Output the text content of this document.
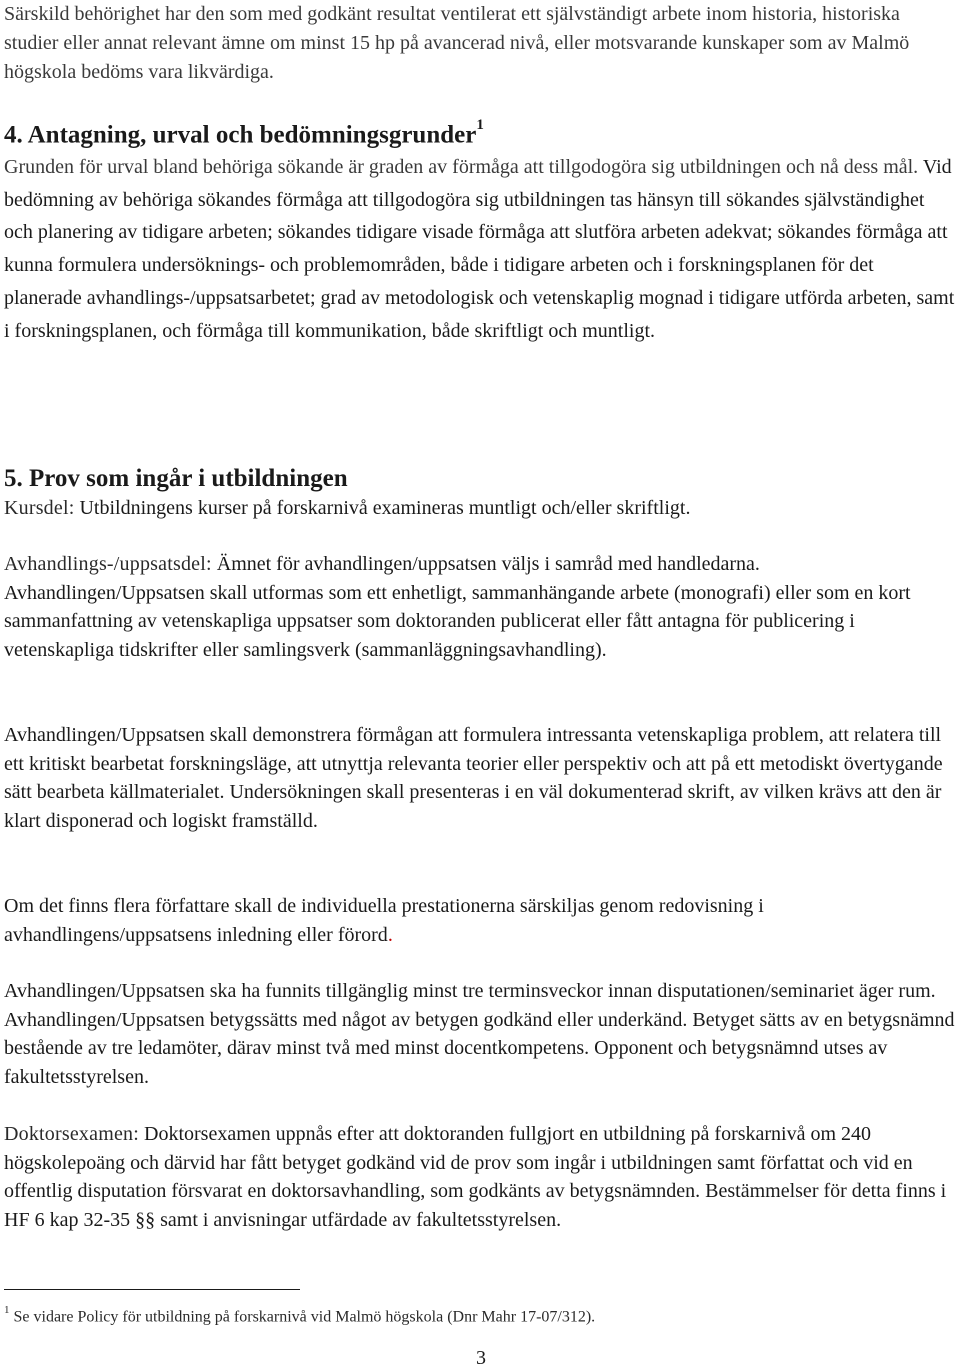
Särskild behörighet har den som med godkänt resultat ventilerat ett självständigt arbete inom historia, historiska studier eller annat relevant ämne om minst 15 hp på avancerad nivå, eller motsvarande kunskaper som av Malmö högskola bedöms vara likvärdiga.

4. Antagning, urval och bedömningsgrunder$^1$

Grunden för urval bland behöriga sökande är graden av förmåga att tillgodogöra sig utbildningen och nå dess mål. Vid bedömning av behöriga sökandes förmåga att tillgodogöra sig utbildningen tas hänsyn till sökandes självständighet och planering av tidigare arbeten; sökandes tidigare visade förmåga att slutföra arbeten adekvat; sökandes förmåga att kunna formulera undersöknings- och problemområden, både i tidigare arbeten och i forskningsplanen för det planerade avhandlings-/uppsatsarbetet; grad av metodologisk och vetenskaplig mognad i tidigare utförda arbeten, samt i forskningsplanen, och förmåga till kommunikation, både skriftligt och muntligt.

5. Prov som ingår i utbildningen

Kursdel: Utbildningens kurser på forskarnivå examineras muntligt och/eller skriftligt.

Avhandlings-/uppsatsdel: Ämnet för avhandlingen/uppsatsen väljs i samråd med handledarna. Avhandlingen/Uppsatsen skall utformas som ett enhetligt, sammanhängande arbete (monografi) eller som en kort sammanfattning av vetenskapliga uppsatser som doktoranden publicerat eller fått antagna för publicering i vetenskapliga tidskrifter eller samlingsverk (sammanläggningsavhandling).

Avhandlingen/Uppsatsen skall demonstrera förmågan att formulera intressanta vetenskapliga problem, att relatera till ett kritiskt bearbetat forskningsläge, att utnyttja relevanta teorier eller perspektiv och att på ett metodiskt övertygande sätt bearbeta källmaterialet. Undersökningen skall presenteras i en väl dokumenterad skrift, av vilken krävs att den är klart disponerad och logiskt framställd.

Om det finns flera författare skall de individuella prestationerna särskiljas genom redovisning i avhandlingens/uppsatsens inledning eller förord.

Avhandlingen/Uppsatsen ska ha funnits tillgänglig minst tre terminsveckor innan disputationen/seminariet äger rum. Avhandlingen/Uppsatsen betygssätts med något av betygen godkänd eller underkänd. Betyget sätts av en betygsnämnd bestående av tre ledamöter, därav minst två med minst docentkompetens. Opponent och betygsnämnd utses av fakultetsstyrelsen.

Doktorsexamen: Doktorsexamen uppnås efter att doktoranden fullgjort en utbildning på forskarnivå om 240 högskolepoäng och därvid har fått betyget godkänd vid de prov som ingår i utbildningen samt författat och vid en offentlig disputation försvarat en doktorsavhandling, som godkänts av betygsnämnden. Bestämmelser för detta finns i HF 6 kap 32-35 §§ samt i anvisningar utfärdade av fakultetsstyrelsen.

$^1$ Se vidare Policy för utbildning på forskarnivå vid Malmö högskola (Dnr Mahr 17-07/312).

3
